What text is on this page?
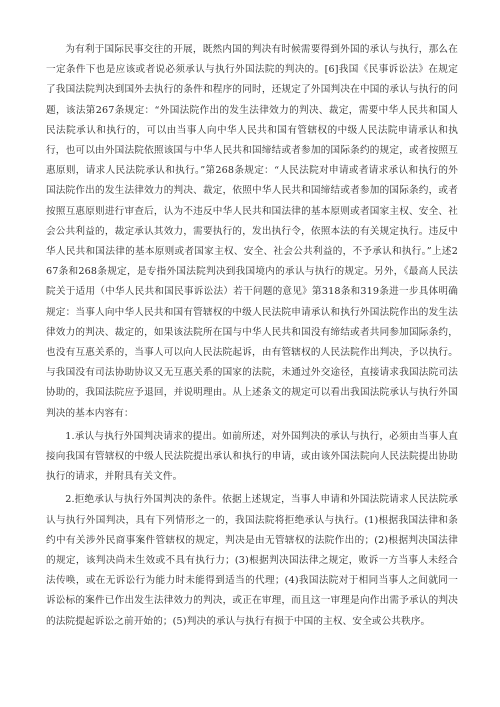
为有利于国际民事交往的开展，既然内国的判决有时候需要得到外国的承认与执行，那么在一定条件下也是应该或者说必须承认与执行外国法院的判决的。[6]我国《民事诉讼法》在规定了我国法院判决到国外去执行的条件和程序的同时，还规定了外国判决在中国的承认与执行的问题，该法第267条规定：“外国法院作出的发生法律效力的判决、裁定，需要中华人民共和国人民法院承认和执行的，可以由当事人向中华人民共和国有管辖权的中级人民法院申请承认和执行，也可以由外国法院依照该国与中华人民共和国缔结或者参加的国际条约的规定，或者按照互惠原则，请求人民法院承认和执行。”第268条规定：“人民法院对申请或者请求承认和执行的外国法院作出的发生法律效力的判决、裁定，依照中华人民共和国缔结或者参加的国际条约，或者按照互惠原则进行审查后，认为不违反中华人民共和国法律的基本原则或者国家主权、安全、社会公共利益的，裁定承认其效力，需要执行的，发出执行令，依照本法的有关规定执行。违反中华人民共和国法律的基本原则或者国家主权、安全、社会公共利益的，不予承认和执行。”上述267条和268条规定，是专指外国法院判决到我国境内的承认与执行的规定。另外，《最高人民法院关于适用（中华人民共和国民事诉讼法）若干问题的意见》第318条和319条进一步具体明确规定：当事人向中华人民共和国有管辖权的中级人民法院申请承认和执行外国法院作出的发生法律效力的判决、裁定的，如果该法院所在国与中华人民共和国没有缔结或者共同参加国际条约，也没有互惠关系的，当事人可以向人民法院起诉，由有管辖权的人民法院作出判决，予以执行。与我国没有司法协助协议又无互惠关系的国家的法院，未通过外交途径，直接请求我国法院司法协助的，我国法院应予退回，并说明理由。从上述条文的规定可以看出我国法院承认与执行外国判决的基本内容有：

1.承认与执行外国判决请求的提出。如前所述，对外国判决的承认与执行，必须由当事人直接向我国有管辖权的中级人民法院提出承认和执行的申请，或由该外国法院向人民法院提出协助执行的请求，并附具有关文件。

2.拒绝承认与执行外国判决的条件。依据上述规定，当事人申请和外国法院请求人民法院承认与执行外国判决，具有下列情形之一的，我国法院将拒绝承认与执行。(1)根据我国法律和条约中有关涉外民商事案件管辖权的规定，判决是由无管辖权的法院作出的；(2)根据判决国法律的规定，该判决尚未生效或不具有执行力；(3)根据判决国法律之规定，败诉一方当事人未经合法传唤，或在无诉讼行为能力时未能得到适当的代理；(4)我国法院对于相同当事人之间就同一诉讼标的案件已作出发生法律效力的判决，或正在审理，而且这一审理是向作出需予承认的判决的法院提起诉讼之前开始的；(5)判决的承认与执行有损于中国的主权、安全或公共秩序。
